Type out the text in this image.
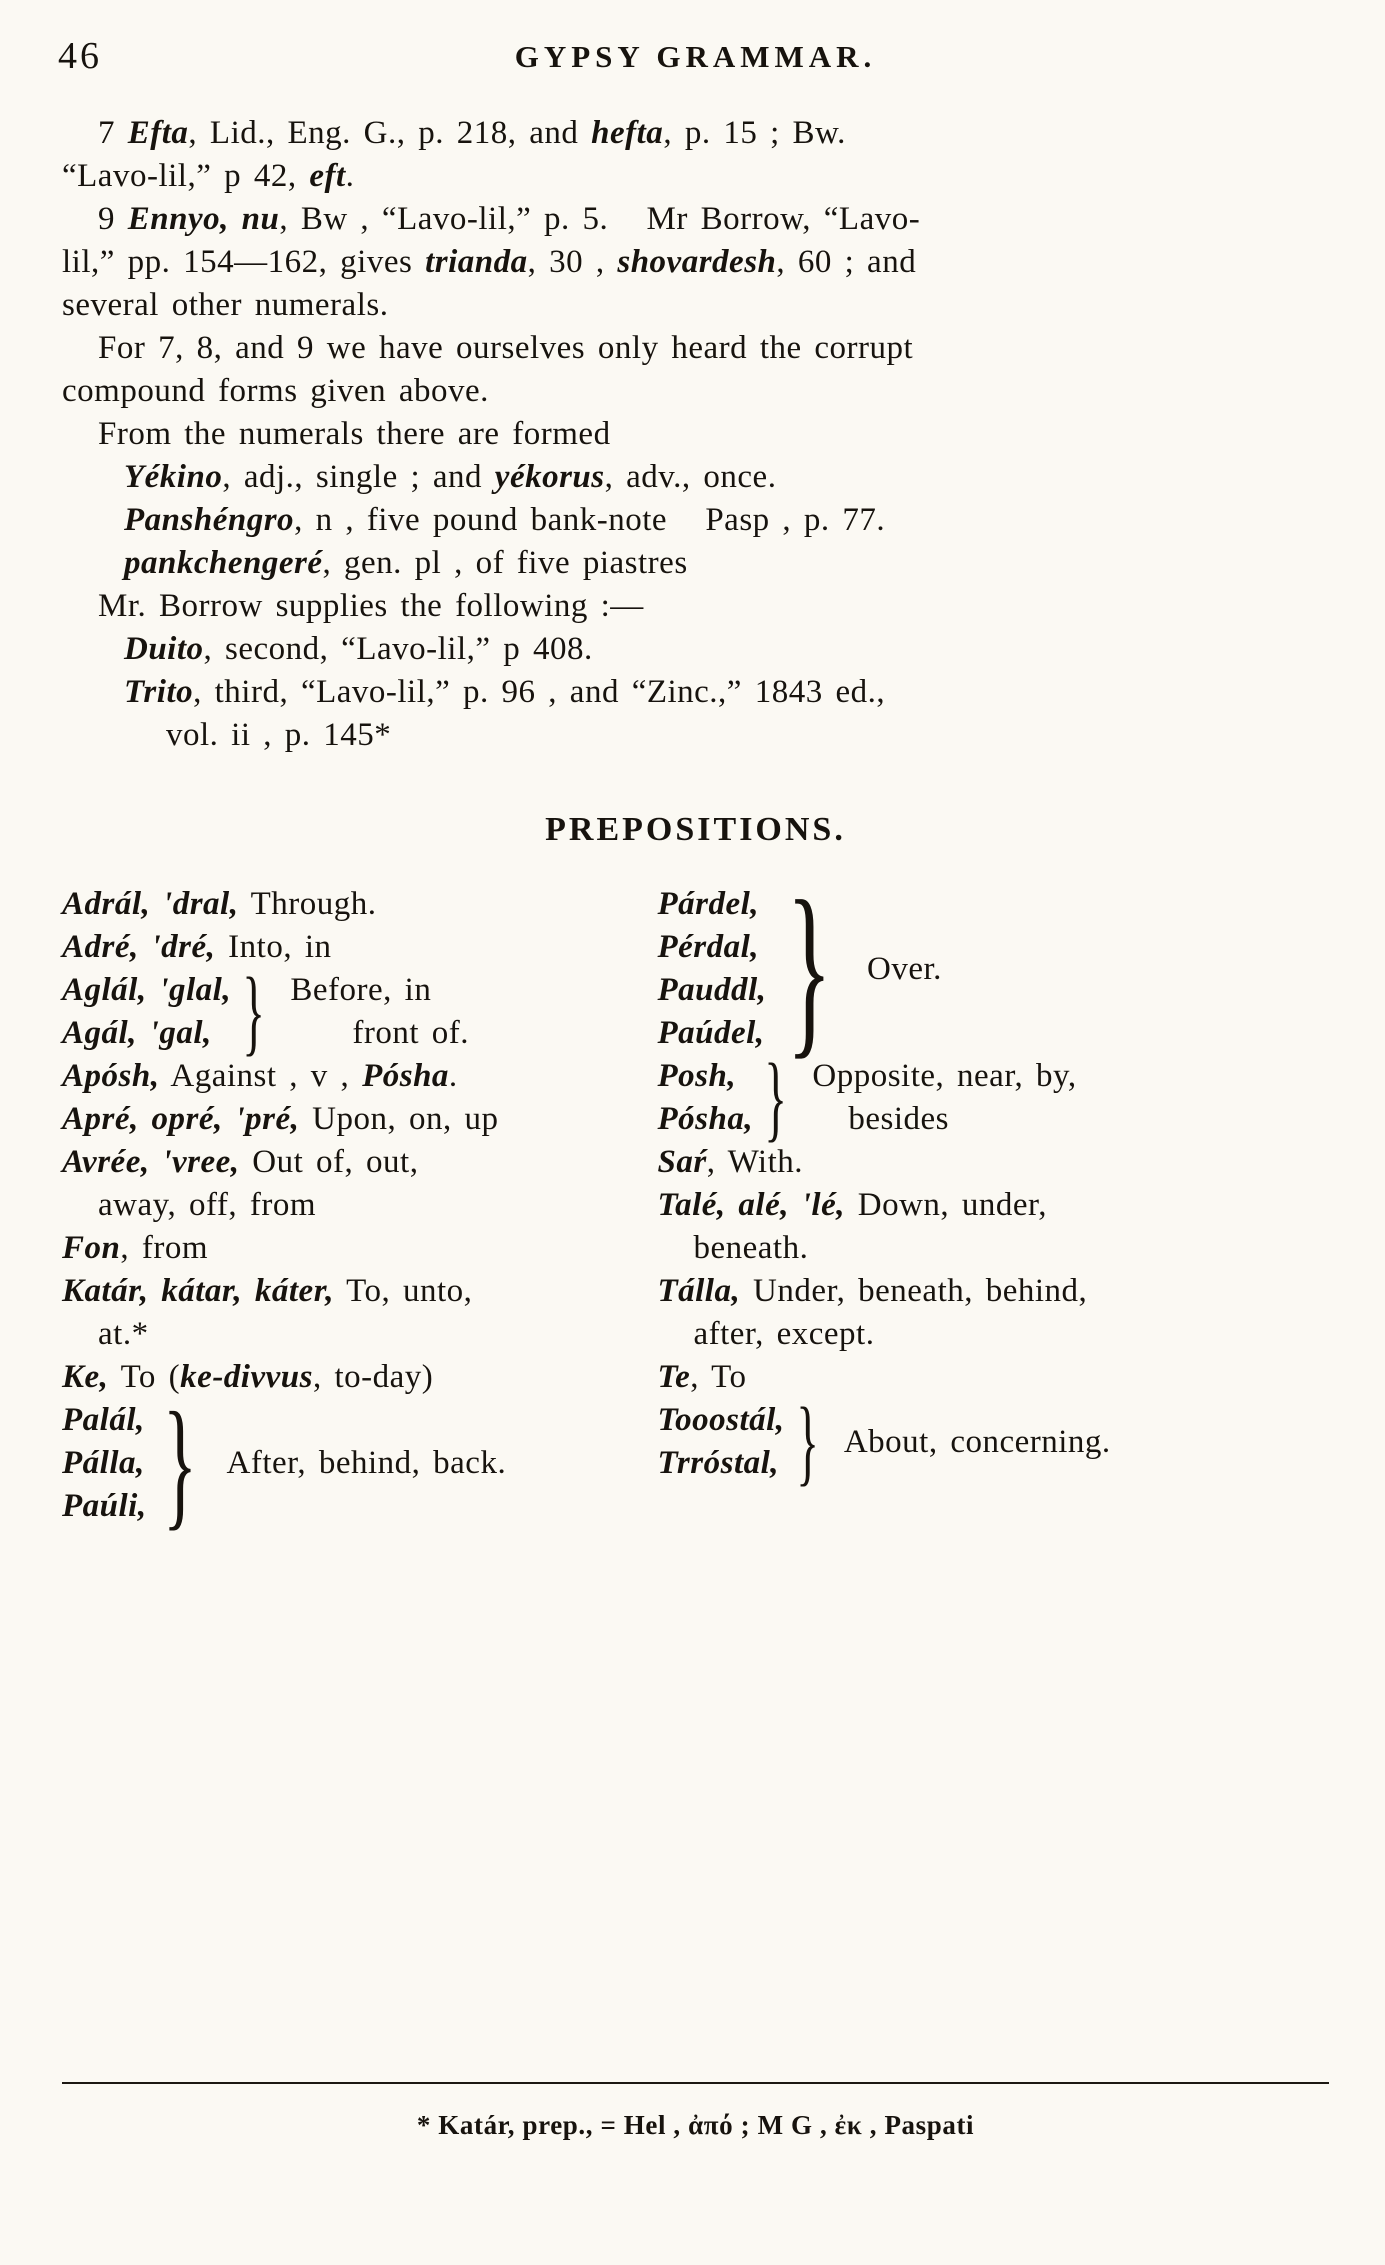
46	GYPSY GRAMMAR.
7 Efta, Lid., Eng. G., p. 218, and hefta, p. 15 ; Bw.
“Lavo-lil,” p 42, eft.
9 Ennyo, nu, Bw , “Lavo-lil,” p. 5.   Mr Borrow, “Lavo-
lil,” pp. 154—162, gives trianda, 30 , shovardesh, 60 ; and
several other numerals.
For 7, 8, and 9 we have ourselves only heard the corrupt
compound forms given above.
From the numerals there are formed
Yékino, adj., single ; and yékorus, adv., once.
Panshéngro, n , five pound bank-note   Pasp , p. 77.
pankchengeré, gen. pl , of five piastres
Mr. Borrow supplies the following :—
Duito, second, “Lavo-lil,” p 408.
Trito, third, “Lavo-lil,” p. 96 , and “Zinc.,” 1843 ed.,
vol. ii , p. 145*
PREPOSITIONS.
Adrál, 'dral, Through.
Adré, 'dré, Into, in
Aglál, 'glal,
Agál, 'gal, } Before, in
front of.
Apósh, Against , v , Pósha.
Apré, opré, 'pré, Upon, on, up
Avrée, 'vree, Out of, out,
away, off, from
Fon, from
Katár, kátar, káter, To, unto,
at.*
Ke, To (ke-divvus, to-day)
Palál,
Pálla,
Paúli, } After, behind, back.
Párdel,
Pérdal,
Pauddl,
Paúdel, } Over.
Posh,
Pósha, } Opposite, near, by,
besides
Saŕ, With.
Talé, alé, 'lé, Down, under,
beneath.
Tálla, Under, beneath, behind,
after, except.
Te, To
Tooostál,
Trróstal, } About, concerning.
* Katár, prep., = Hel , ἀπό ; M G , ἐκ , Paspati
